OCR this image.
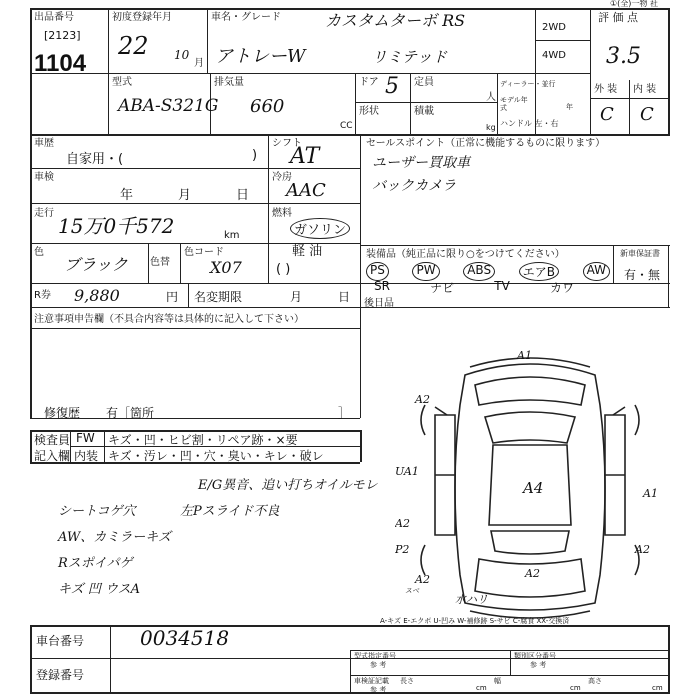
①(全)一物 社
出品番号
[2123]
1104
初度登録年月
22 10
月
車名・グレード	カスタムターボ RS
アトレーW	リミテッド
2WD
4WD
評 価 点
3.5
型式
ABA-S321G
排気量
660
CC
ドア 5 定員
人
形状	積載
kg
ディーラー・並行
モデル年式	年
ハンドル 左・右
外 装 内 装
C C
車歴
自家用・(	)
シフト
AT
セールスポイント（正常に機能するものに限ります）
ユーザー買取車
バックカメラ
車検
年	月	日
冷房
AAC
走行
15万0千572	km
燃料
ガソリン
軽 油
( )
色
ブラック 色替
色コード
X07
装備品（純正品に限り○をつけてください）
PS	PW	ABS	エアB	AW
SR	ナビ	TV	カワ
新車保証書
有・無
R券 9,880	円 名変期限	月	日 後日品
注意事項申告欄（不具合内容等は具体的に記入して下さい）
修復歴 有［箇所	］
検査員
記入欄
FW キズ・凹・ヒビ割・リペア跡・×要
内装 キズ・汚レ・凹・穴・臭い・キレ・破レ
E/G異音、追い打ちオイルモレ
左Pスライド不良
シートコゲ穴
AW、カミラーキズ
Rスポイパゲ
キズ 凹 ウスA
A1
A2
UA1
A2
P2
A2
A4	A1
A2
A2
水ハリ
スベ
A-キズ E-エクボ U-凹み W-補修跡 S-サビ C-腐食 XX-交換済
車台番号	0034518
登録番号
型式指定番号
参 考
類別区分番号
参 考
車検証記載
参 考
長さ
cm
幅
cm
高さ
cm
